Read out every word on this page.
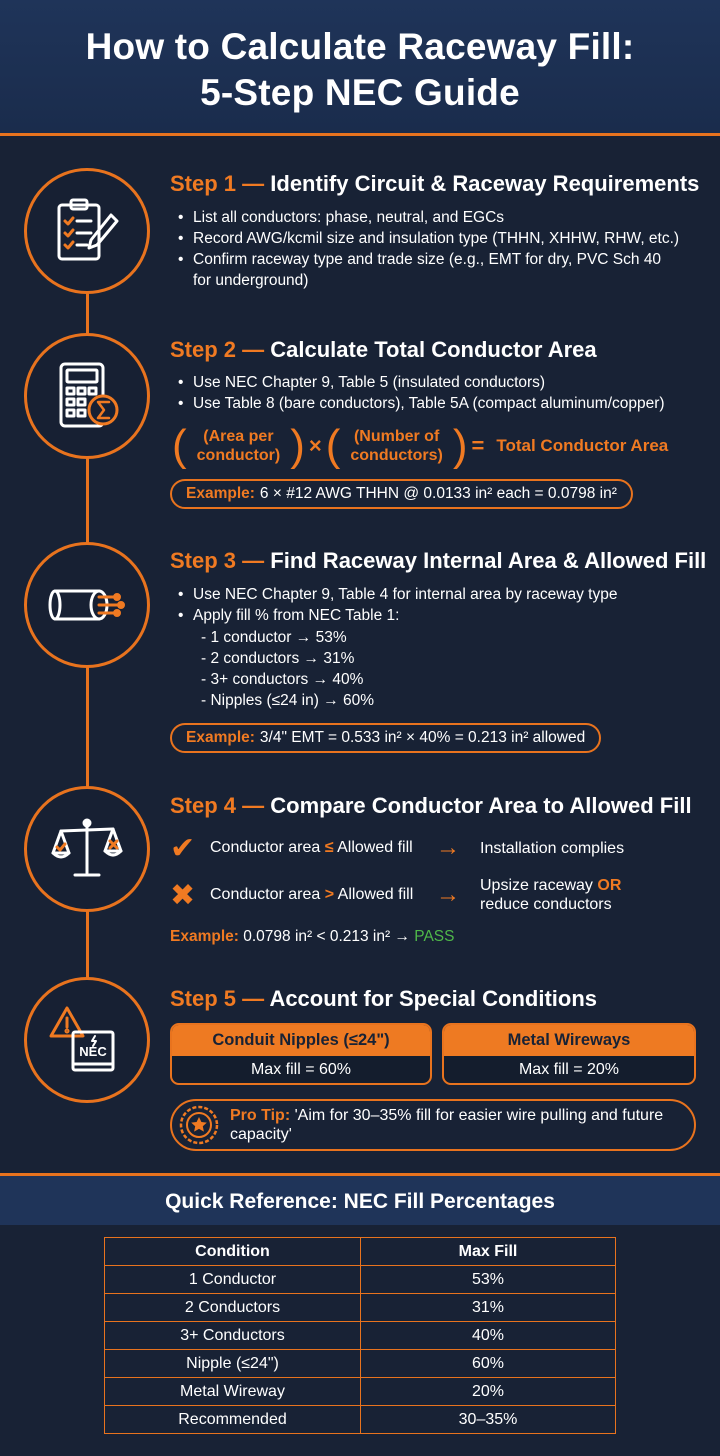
How to Calculate Raceway Fill:
5-Step NEC Guide
Step 1 — Identify Circuit & Raceway Requirements
• List all conductors: phase, neutral, and EGCs
• Record AWG/kcmil size and insulation type (THHN, XHHW, RHW, etc.)
• Confirm raceway type and trade size (e.g., EMT for dry, PVC Sch 40 for underground)
Step 2 — Calculate Total Conductor Area
• Use NEC Chapter 9, Table 5 (insulated conductors)
• Use Table 8 (bare conductors), Table 5A (compact aluminum/copper)
(	(Area per
conductor) ) × ( (Number of
conductors) ) = Total Conductor Area
Example: 6 × #12 AWG THHN @ 0.0133 in² each = 0.0798 in²
Step 3 — Find Raceway Internal Area & Allowed Fill
• Use NEC Chapter 9, Table 4 for internal area by raceway type
• Apply fill % from NEC Table 1:
- 1 conductor → 53%
- 2 conductors → 31%
- 3+ conductors → 40%
- Nipples (≤24 in) → 60%
Example: 3/4" EMT = 0.533 in² × 40% = 0.213 in² allowed
Step 4 — Compare Conductor Area to Allowed Fill
✔ Conductor area ≤ Allowed fill →	Installation complies
✖ Conductor area > Allowed fill →	Upsize raceway OR
reduce conductors
Example: 0.0798 in² < 0.213 in² → PASS
NEC
Step 5 — Account for Special Conditions
Conduit Nipples (≤24")
Max fill = 60%
Metal Wireways
Max fill = 20%
Pro Tip: 'Aim for 30–35% fill for easier wire pulling and future capacity'
Quick Reference: NEC Fill Percentages
Condition	Max Fill
1 Conductor	53%
2 Conductors	31%
3+ Conductors	40%
Nipple (≤24")	60%
Metal Wireway	20%
Recommended	30–35%
